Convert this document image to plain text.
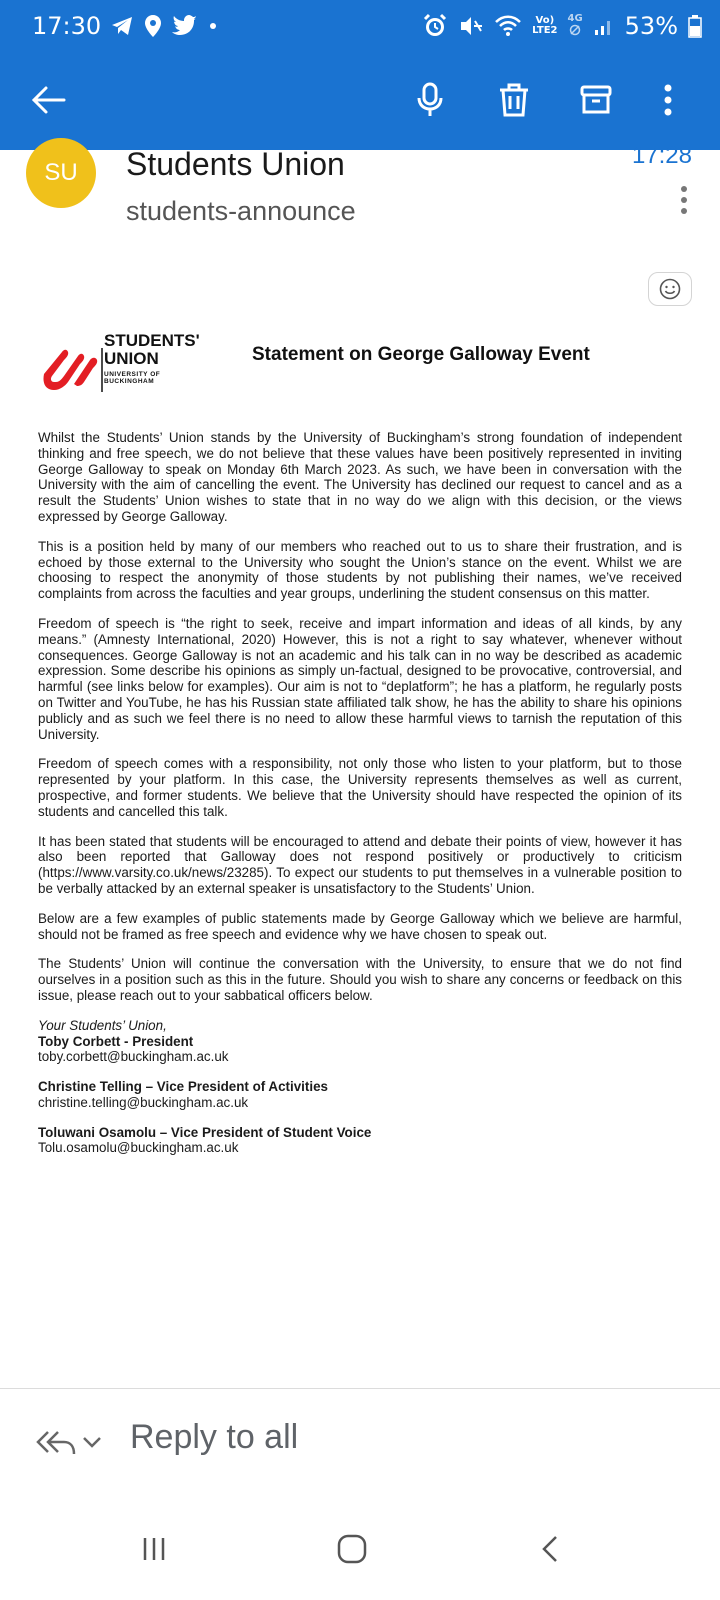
17:30	Vo)
LTE2
4G 53%
SU Students Union
students-announce
17:28
STUDENTS'
UNION
UNIVERSITY OF BUCKINGHAM
Statement on George Galloway Event

Whilst the Students’ Union stands by the University of Buckingham’s strong foundation of independent thinking and free speech, we do not believe that these values have been positively represented in inviting George Galloway to speak on Monday 6th March 2023. As such, we have been in conversation with the University with the aim of cancelling the event. The University has declined our request to cancel and as a result the Students’ Union wishes to state that in no way do we align with this decision, or the views expressed by George Galloway.

This is a position held by many of our members who reached out to us to share their frustration, and is echoed by those external to the University who sought the Union’s stance on the event. Whilst we are choosing to respect the anonymity of those students by not publishing their names, we’ve received complaints from across the faculties and year groups, underlining the student consensus on this matter.

Freedom of speech is “the right to seek, receive and impart information and ideas of all kinds, by any means.” (Amnesty International, 2020) However, this is not a right to say whatever, whenever without consequences. George Galloway is not an academic and his talk can in no way be described as academic expression. Some describe his opinions as simply un-factual, designed to be provocative, controversial, and harmful (see links below for examples). Our aim is not to “deplatform”; he has a platform, he regularly posts on Twitter and YouTube, he has his Russian state affiliated talk show, he has the ability to share his opinions publicly and as such we feel there is no need to allow these harmful views to tarnish the reputation of this University.

Freedom of speech comes with a responsibility, not only those who listen to your platform, but to those represented by your platform. In this case, the University represents themselves as well as current, prospective, and former students. We believe that the University should have respected the opinion of its students and cancelled this talk.

It has been stated that students will be encouraged to attend and debate their points of view, however it has also been reported that Galloway does not respond positively or productively to criticism (https://www.varsity.co.uk/news/23285). To expect our students to put themselves in a vulnerable position to be verbally attacked by an external speaker is unsatisfactory to the Students’ Union.

Below are a few examples of public statements made by George Galloway which we believe are harmful, should not be framed as free speech and evidence why we have chosen to speak out.

The Students’ Union will continue the conversation with the University, to ensure that we do not find ourselves in a position such as this in the future. Should you wish to share any concerns or feedback on this issue, please reach out to your sabbatical officers below.

Your Students’ Union,
Toby Corbett - President
toby.corbett@buckingham.ac.uk
Christine Telling – Vice President of Activities
christine.telling@buckingham.ac.uk
Toluwani Osamolu – Vice President of Student Voice
Tolu.osamolu@buckingham.ac.uk
Reply to all
